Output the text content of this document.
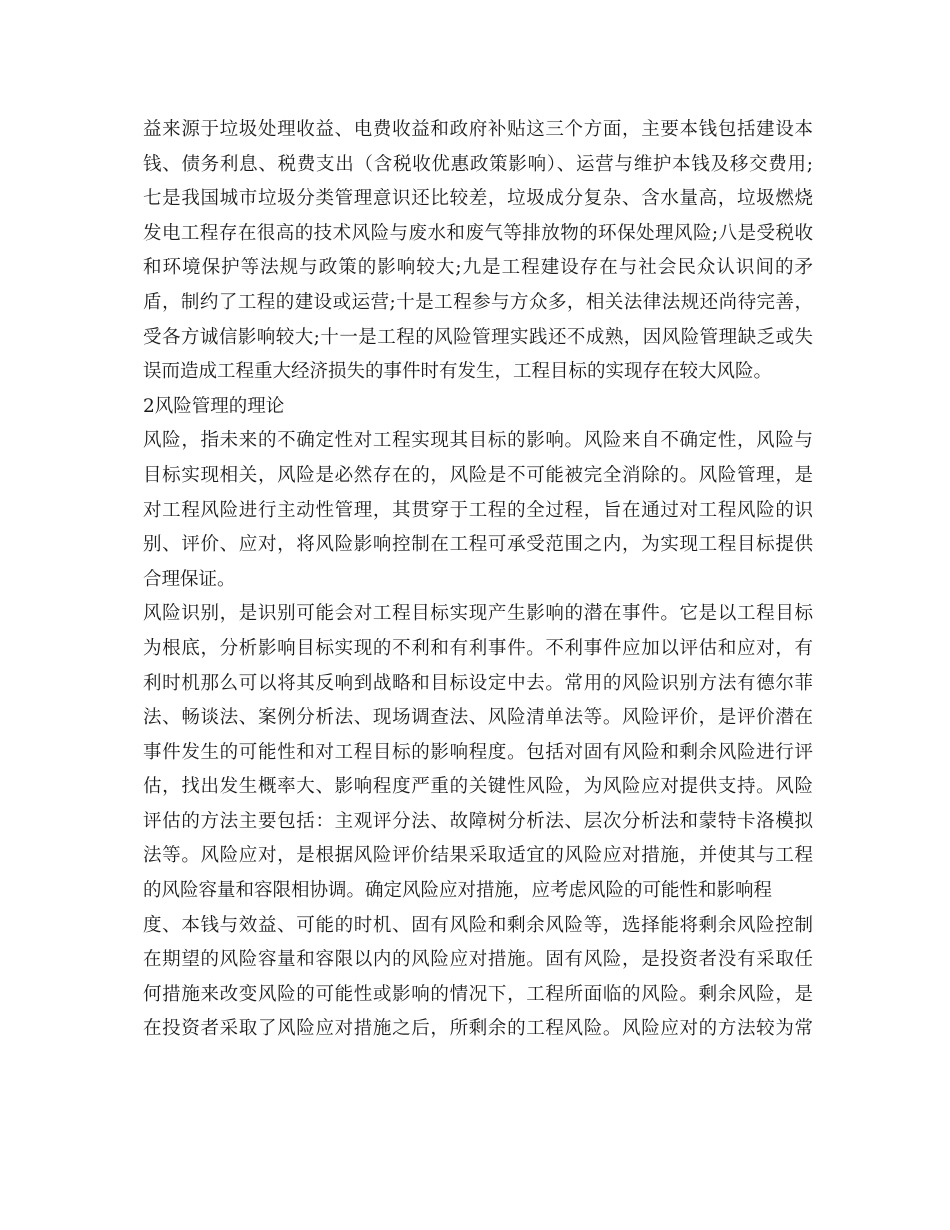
益来源于垃圾处理收益、电费收益和政府补贴这三个方面，主要本钱包括建设本
钱、债务利息、税费支出（含税收优惠政策影响）、运营与维护本钱及移交费用;
七是我国城市垃圾分类管理意识还比较差，垃圾成分复杂、含水量高，垃圾燃烧
发电工程存在很高的技术风险与废水和废气等排放物的环保处理风险;八是受税收
和环境保护等法规与政策的影响较大;九是工程建设存在与社会民众认识间的矛
盾，制约了工程的建设或运营;十是工程参与方众多，相关法律法规还尚待完善，
受各方诚信影响较大;十一是工程的风险管理实践还不成熟，因风险管理缺乏或失
误而造成工程重大经济损失的事件时有发生，工程目标的实现存在较大风险。
2风险管理的理论
风险，指未来的不确定性对工程实现其目标的影响。风险来自不确定性，风险与
目标实现相关，风险是必然存在的，风险是不可能被完全消除的。风险管理，是
对工程风险进行主动性管理，其贯穿于工程的全过程，旨在通过对工程风险的识
别、评价、应对，将风险影响控制在工程可承受范围之内，为实现工程目标提供
合理保证。
风险识别，是识别可能会对工程目标实现产生影响的潜在事件。它是以工程目标
为根底，分析影响目标实现的不利和有利事件。不利事件应加以评估和应对，有
利时机那么可以将其反响到战略和目标设定中去。常用的风险识别方法有德尔菲
法、畅谈法、案例分析法、现场调查法、风险清单法等。风险评价，是评价潜在
事件发生的可能性和对工程目标的影响程度。包括对固有风险和剩余风险进行评
估，找出发生概率大、影响程度严重的关键性风险，为风险应对提供支持。风险
评估的方法主要包括：主观评分法、故障树分析法、层次分析法和蒙特卡洛模拟
法等。风险应对，是根据风险评价结果采取适宜的风险应对措施，并使其与工程
的风险容量和容限相协调。确定风险应对措施，应考虑风险的可能性和影响程
度、本钱与效益、可能的时机、固有风险和剩余风险等，选择能将剩余风险控制
在期望的风险容量和容限以内的风险应对措施。固有风险，是投资者没有采取任
何措施来改变风险的可能性或影响的情况下，工程所面临的风险。剩余风险，是
在投资者采取了风险应对措施之后，所剩余的工程风险。风险应对的方法较为常
